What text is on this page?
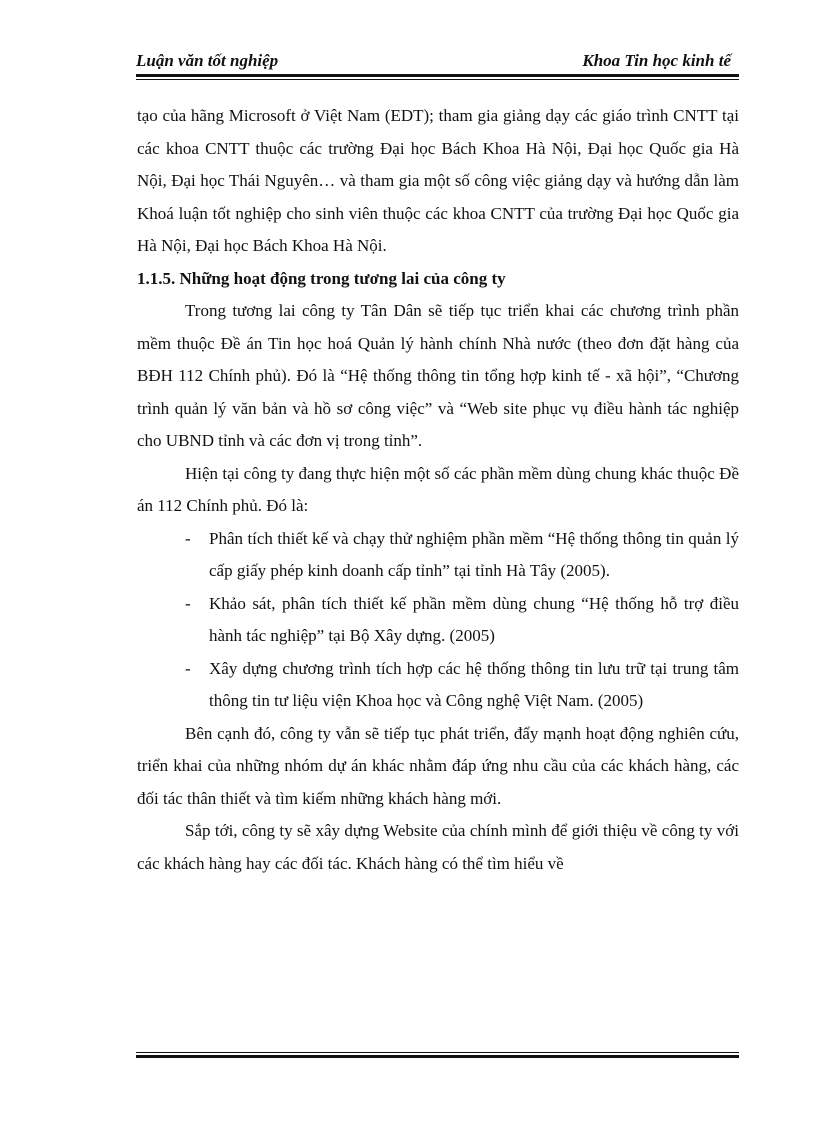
Luận văn tốt nghiệp	Khoa Tin học kinh tế

tạo của hãng Microsoft ở Việt Nam (EDT); tham gia giảng dạy các giáo trình CNTT tại các khoa CNTT thuộc các trường Đại học Bách Khoa Hà Nội, Đại học Quốc gia Hà Nội, Đại học Thái Nguyên… và tham gia một số công việc giảng dạy và hướng dẫn làm Khoá luận tốt nghiệp cho sinh viên thuộc các khoa CNTT của trường Đại học Quốc gia Hà Nội, Đại học Bách Khoa Hà Nội.

1.1.5. Những hoạt động trong tương lai của công ty

Trong tương lai công ty Tân Dân sẽ tiếp tục triển khai các chương trình phần mềm thuộc Đề án Tin học hoá Quản lý hành chính Nhà nước (theo đơn đặt hàng của BĐH 112 Chính phủ). Đó là “Hệ thống thông tin tổng hợp kinh tế - xã hội”, “Chương trình quản lý văn bản và hồ sơ công việc” và “Web site phục vụ điều hành tác nghiệp cho UBND tỉnh và các đơn vị trong tỉnh”.

Hiện tại công ty đang thực hiện một số các phần mềm dùng chung khác thuộc Đề án 112 Chính phủ. Đó là:

- Phân tích thiết kế và chạy thử nghiệm phần mềm “Hệ thống thông tin quản lý cấp giấy phép kinh doanh cấp tỉnh” tại tỉnh Hà Tây (2005).
- Khảo sát, phân tích thiết kế phần mềm dùng chung “Hệ thống hỗ trợ điều hành tác nghiệp” tại Bộ Xây dựng. (2005)
- Xây dựng chương trình tích hợp các hệ thống thông tin lưu trữ tại trung tâm thông tin tư liệu viện Khoa học và Công nghệ Việt Nam. (2005)

Bên cạnh đó, công ty vẫn sẽ tiếp tục phát triển, đẩy mạnh hoạt động nghiên cứu, triển khai của những nhóm dự án khác nhằm đáp ứng nhu cầu của các khách hàng, các đối tác thân thiết và tìm kiếm những khách hàng mới.

Sắp tới, công ty sẽ xây dựng Website của chính mình để giới thiệu về công ty với các khách hàng hay các đối tác. Khách hàng có thể tìm hiểu về
